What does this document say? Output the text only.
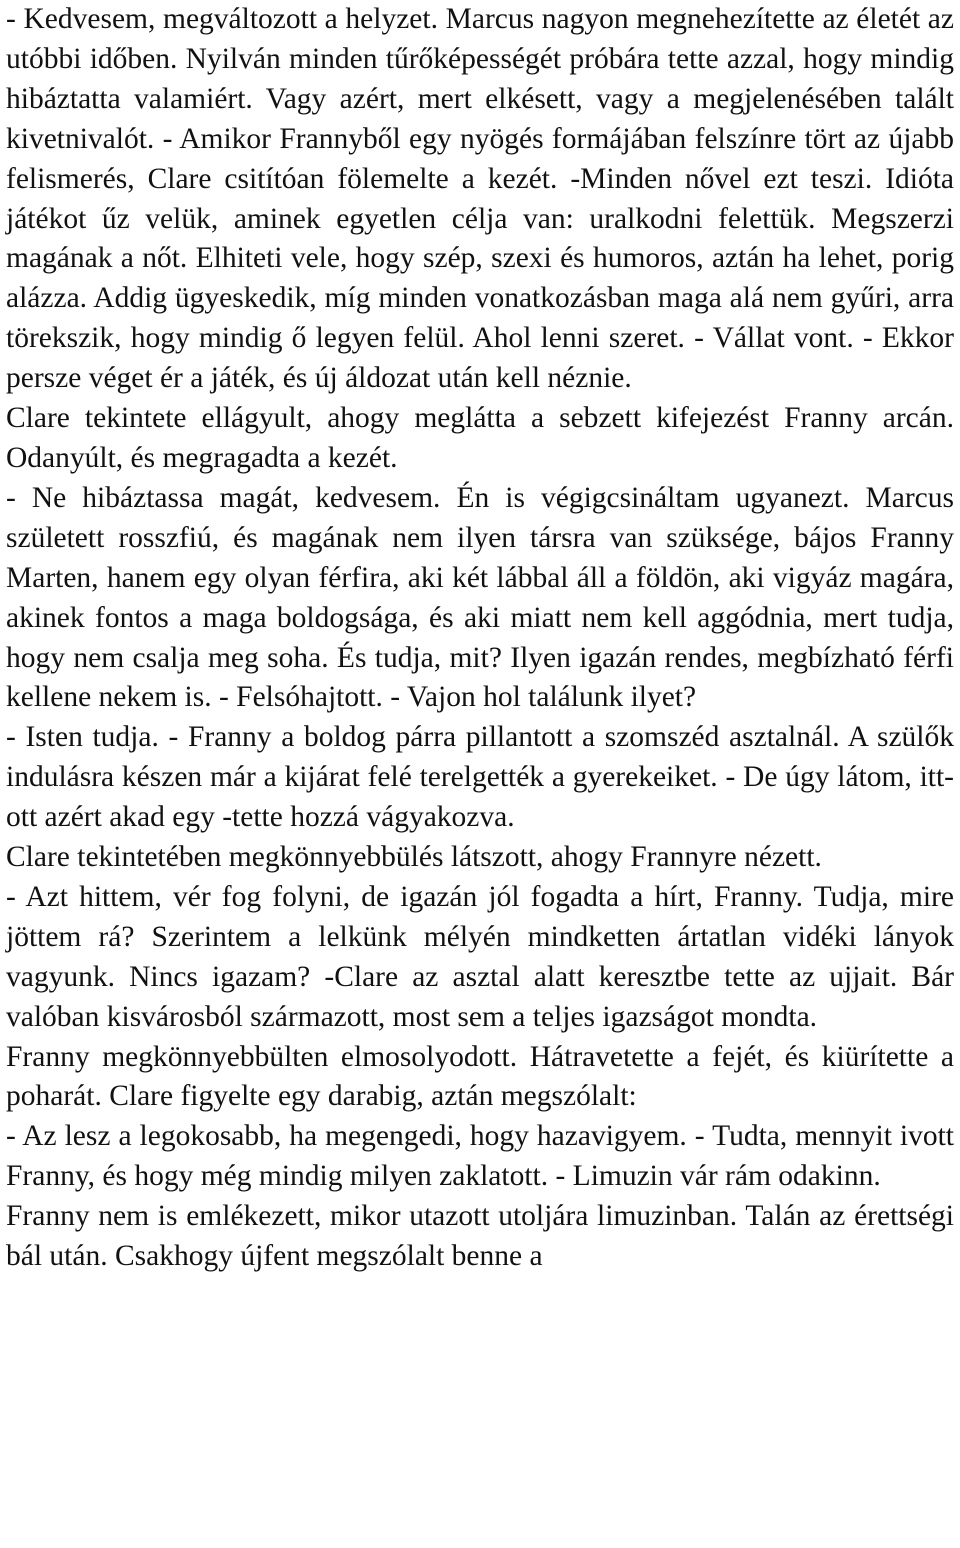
- Kedvesem, megváltozott a helyzet. Marcus nagyon megnehezítette az életét az utóbbi időben. Nyilván minden tűrőképességét próbára tette azzal, hogy mindig hibáztatta valamiért. Vagy azért, mert elkésett, vagy a megjelenésében talált kivetnivalót. - Amikor Frannyből egy nyögés formájában felszínre tört az újabb felismerés, Clare csitítóan fölemelte a kezét. -Minden nővel ezt teszi. Idióta játékot űz velük, aminek egyetlen célja van: uralkodni felettük. Megszerzi magának a nőt. Elhiteti vele, hogy szép, szexi és humoros, aztán ha lehet, porig alázza. Addig ügyeskedik, míg minden vonatkozásban maga alá nem gyűri, arra törekszik, hogy mindig ő legyen felül. Ahol lenni szeret. - Vállat vont. - Ekkor persze véget ér a játék, és új áldozat után kell néznie.

Clare tekintete ellágyult, ahogy meglátta a sebzett kifejezést Franny arcán. Odanyúlt, és megragadta a kezét.

- Ne hibáztassa magát, kedvesem. Én is végigcsináltam ugyanezt. Marcus született rosszfiú, és magának nem ilyen társra van szüksége, bájos Franny Marten, hanem egy olyan férfira, aki két lábbal áll a földön, aki vigyáz magára, akinek fontos a maga boldogsága, és aki miatt nem kell aggódnia, mert tudja, hogy nem csalja meg soha. És tudja, mit? Ilyen igazán rendes, megbízható férfi kellene nekem is. - Felsóhajtott. - Vajon hol találunk ilyet?

- Isten tudja. - Franny a boldog párra pillantott a szomszéd asztalnál. A szülők indulásra készen már a kijárat felé terelgették a gyerekeiket. - De úgy látom, itt-ott azért akad egy -tette hozzá vágyakozva.

Clare tekintetében megkönnyebbülés látszott, ahogy Frannyre nézett.

- Azt hittem, vér fog folyni, de igazán jól fogadta a hírt, Franny. Tudja, mire jöttem rá? Szerintem a lelkünk mélyén mindketten ártatlan vidéki lányok vagyunk. Nincs igazam? -Clare az asztal alatt keresztbe tette az ujjait. Bár valóban kisvárosból származott, most sem a teljes igazságot mondta.

Franny megkönnyebbülten elmosolyodott. Hátravetette a fejét, és kiürítette a poharát. Clare figyelte egy darabig, aztán megszólalt:

- Az lesz a legokosabb, ha megengedi, hogy hazavigyem. - Tudta, mennyit ivott Franny, és hogy még mindig milyen zaklatott. - Limuzin vár rám odakinn.

Franny nem is emlékezett, mikor utazott utoljára limuzinban. Talán az érettségi bál után. Csakhogy újfent megszólalt benne a
